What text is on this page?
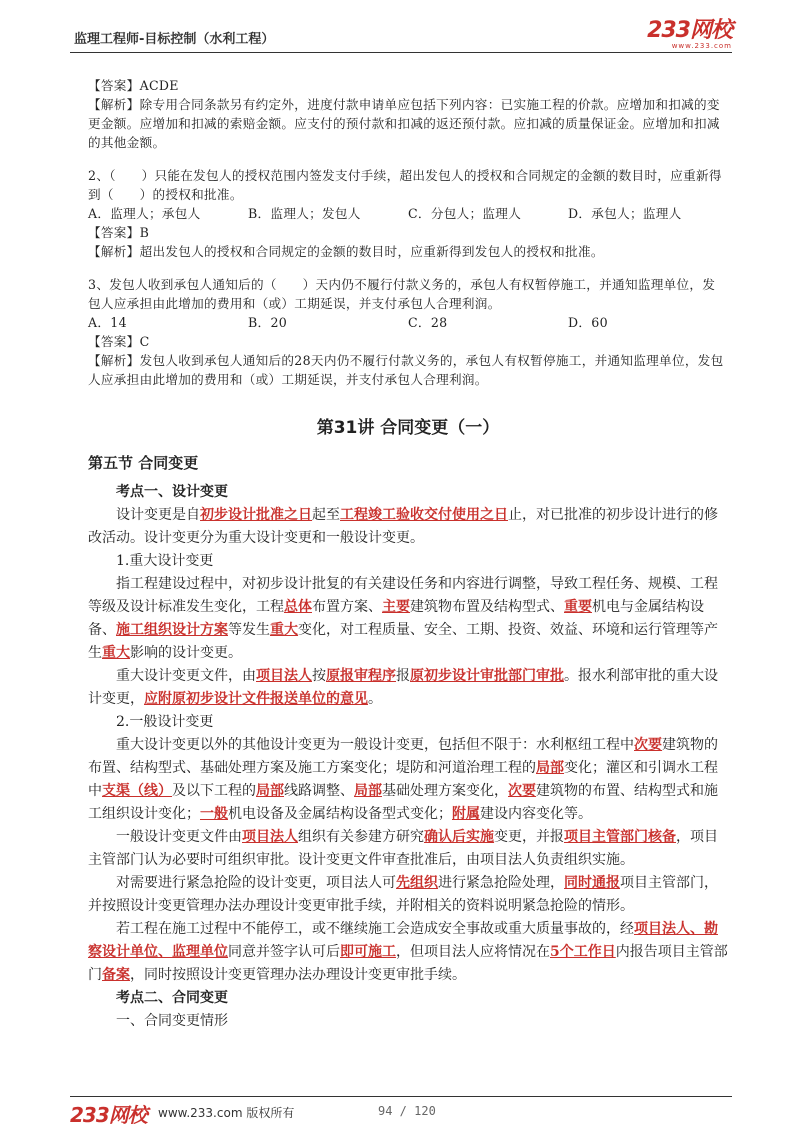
监理工程师-目标控制（水利工程）	233网校
www.233.com

【答案】ACDE

【解析】除专用合同条款另有约定外，进度付款申请单应包括下列内容：已实施工程的价款。应增加和扣减的变更金额。应增加和扣减的索赔金额。应支付的预付款和扣减的返还预付款。应扣减的质量保证金。应增加和扣减的其他金额。

2、（　　）只能在发包人的授权范围内签发支付手续，超出发包人的授权和合同规定的金额的数目时，应重新得到（　　）的授权和批准。

A．监理人；承包人	B．监理人；发包人	C．分包人；监理人	D．承包人；监理人

【答案】B

【解析】超出发包人的授权和合同规定的金额的数目时，应重新得到发包人的授权和批准。

3、发包人收到承包人通知后的（　　）天内仍不履行付款义务的，承包人有权暂停施工，并通知监理单位，发包人应承担由此增加的费用和（或）工期延误，并支付承包人合理利润。

A．14	B．20	C．28	D．60

【答案】C

【解析】发包人收到承包人通知后的28天内仍不履行付款义务的，承包人有权暂停施工，并通知监理单位，发包人应承担由此增加的费用和（或）工期延误，并支付承包人合理利润。

第31讲 合同变更（一）
第五节 合同变更

考点一、设计变更

设计变更是自初步设计批准之日起至工程竣工验收交付使用之日止，对已批准的初步设计进行的修改活动。设计变更分为重大设计变更和一般设计变更。

1.重大设计变更

指工程建设过程中，对初步设计批复的有关建设任务和内容进行调整，导致工程任务、规模、工程等级及设计标准发生变化，工程总体布置方案、主要建筑物布置及结构型式、重要机电与金属结构设备、施工组织设计方案等发生重大变化，对工程质量、安全、工期、投资、效益、环境和运行管理等产生重大影响的设计变更。

重大设计变更文件，由项目法人按原报审程序报原初步设计审批部门审批。报水利部审批的重大设计变更，应附原初步设计文件报送单位的意见。

2.一般设计变更

重大设计变更以外的其他设计变更为一般设计变更，包括但不限于：水利枢纽工程中次要建筑物的布置、结构型式、基础处理方案及施工方案变化；堤防和河道治理工程的局部变化；灌区和引调水工程中支渠（线）及以下工程的局部线路调整、局部基础处理方案变化，次要建筑物的布置、结构型式和施工组织设计变化；一般机电设备及金属结构设备型式变化；附属建设内容变化等。

一般设计变更文件由项目法人组织有关参建方研究确认后实施变更，并报项目主管部门核备，项目主管部门认为必要时可组织审批。设计变更文件审查批准后，由项目法人负责组织实施。

对需要进行紧急抢险的设计变更，项目法人可先组织进行紧急抢险处理，同时通报项目主管部门，并按照设计变更管理办法办理设计变更审批手续，并附相关的资料说明紧急抢险的情形。

若工程在施工过程中不能停工，或不继续施工会造成安全事故或重大质量事故的，经项目法人、勘察设计单位、监理单位同意并签字认可后即可施工，但项目法人应将情况在5个工作日内报告项目主管部门备案，同时按照设计变更管理办法办理设计变更审批手续。

考点二、合同变更

一、合同变更情形

233网校 www.233.com 版权所有	94 / 120
